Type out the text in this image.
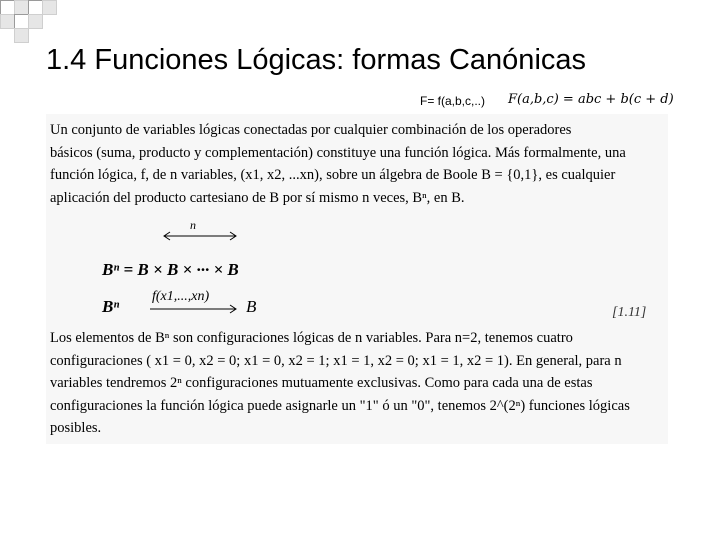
1.4 Funciones Lógicas: formas Canónicas
F= f(a,b,c,..) F(a,b,c) = abc + b(c + d)
Un conjunto de variables lógicas conectadas por cualquier combinación de los operadores
básicos (suma, producto y complementación) constituye una función lógica. Más formalmente, una
función lógica, f, de n variables, (x1, x2, ...xn), sobre un álgebra de Boole B = {0,1}, es cualquier
aplicación del producto cartesiano de B por sí mismo n veces, Bⁿ, en B.
n
Bⁿ = B × B × ··· × B
Bⁿ
f(x1,...,xn)
B	[1.11]
Los elementos de Bⁿ son configuraciones lógicas de n variables. Para n=2, tenemos cuatro
configuraciones ( x1 = 0, x2 = 0; x1 = 0, x2 = 1; x1 = 1, x2 = 0; x1 = 1, x2 = 1). En general, para n
variables tendremos 2ⁿ configuraciones mutuamente exclusivas. Como para cada una de estas
configuraciones la función lógica puede asignarle un "1" ó un "0", tenemos 2^(2ⁿ) funciones lógicas
posibles.
